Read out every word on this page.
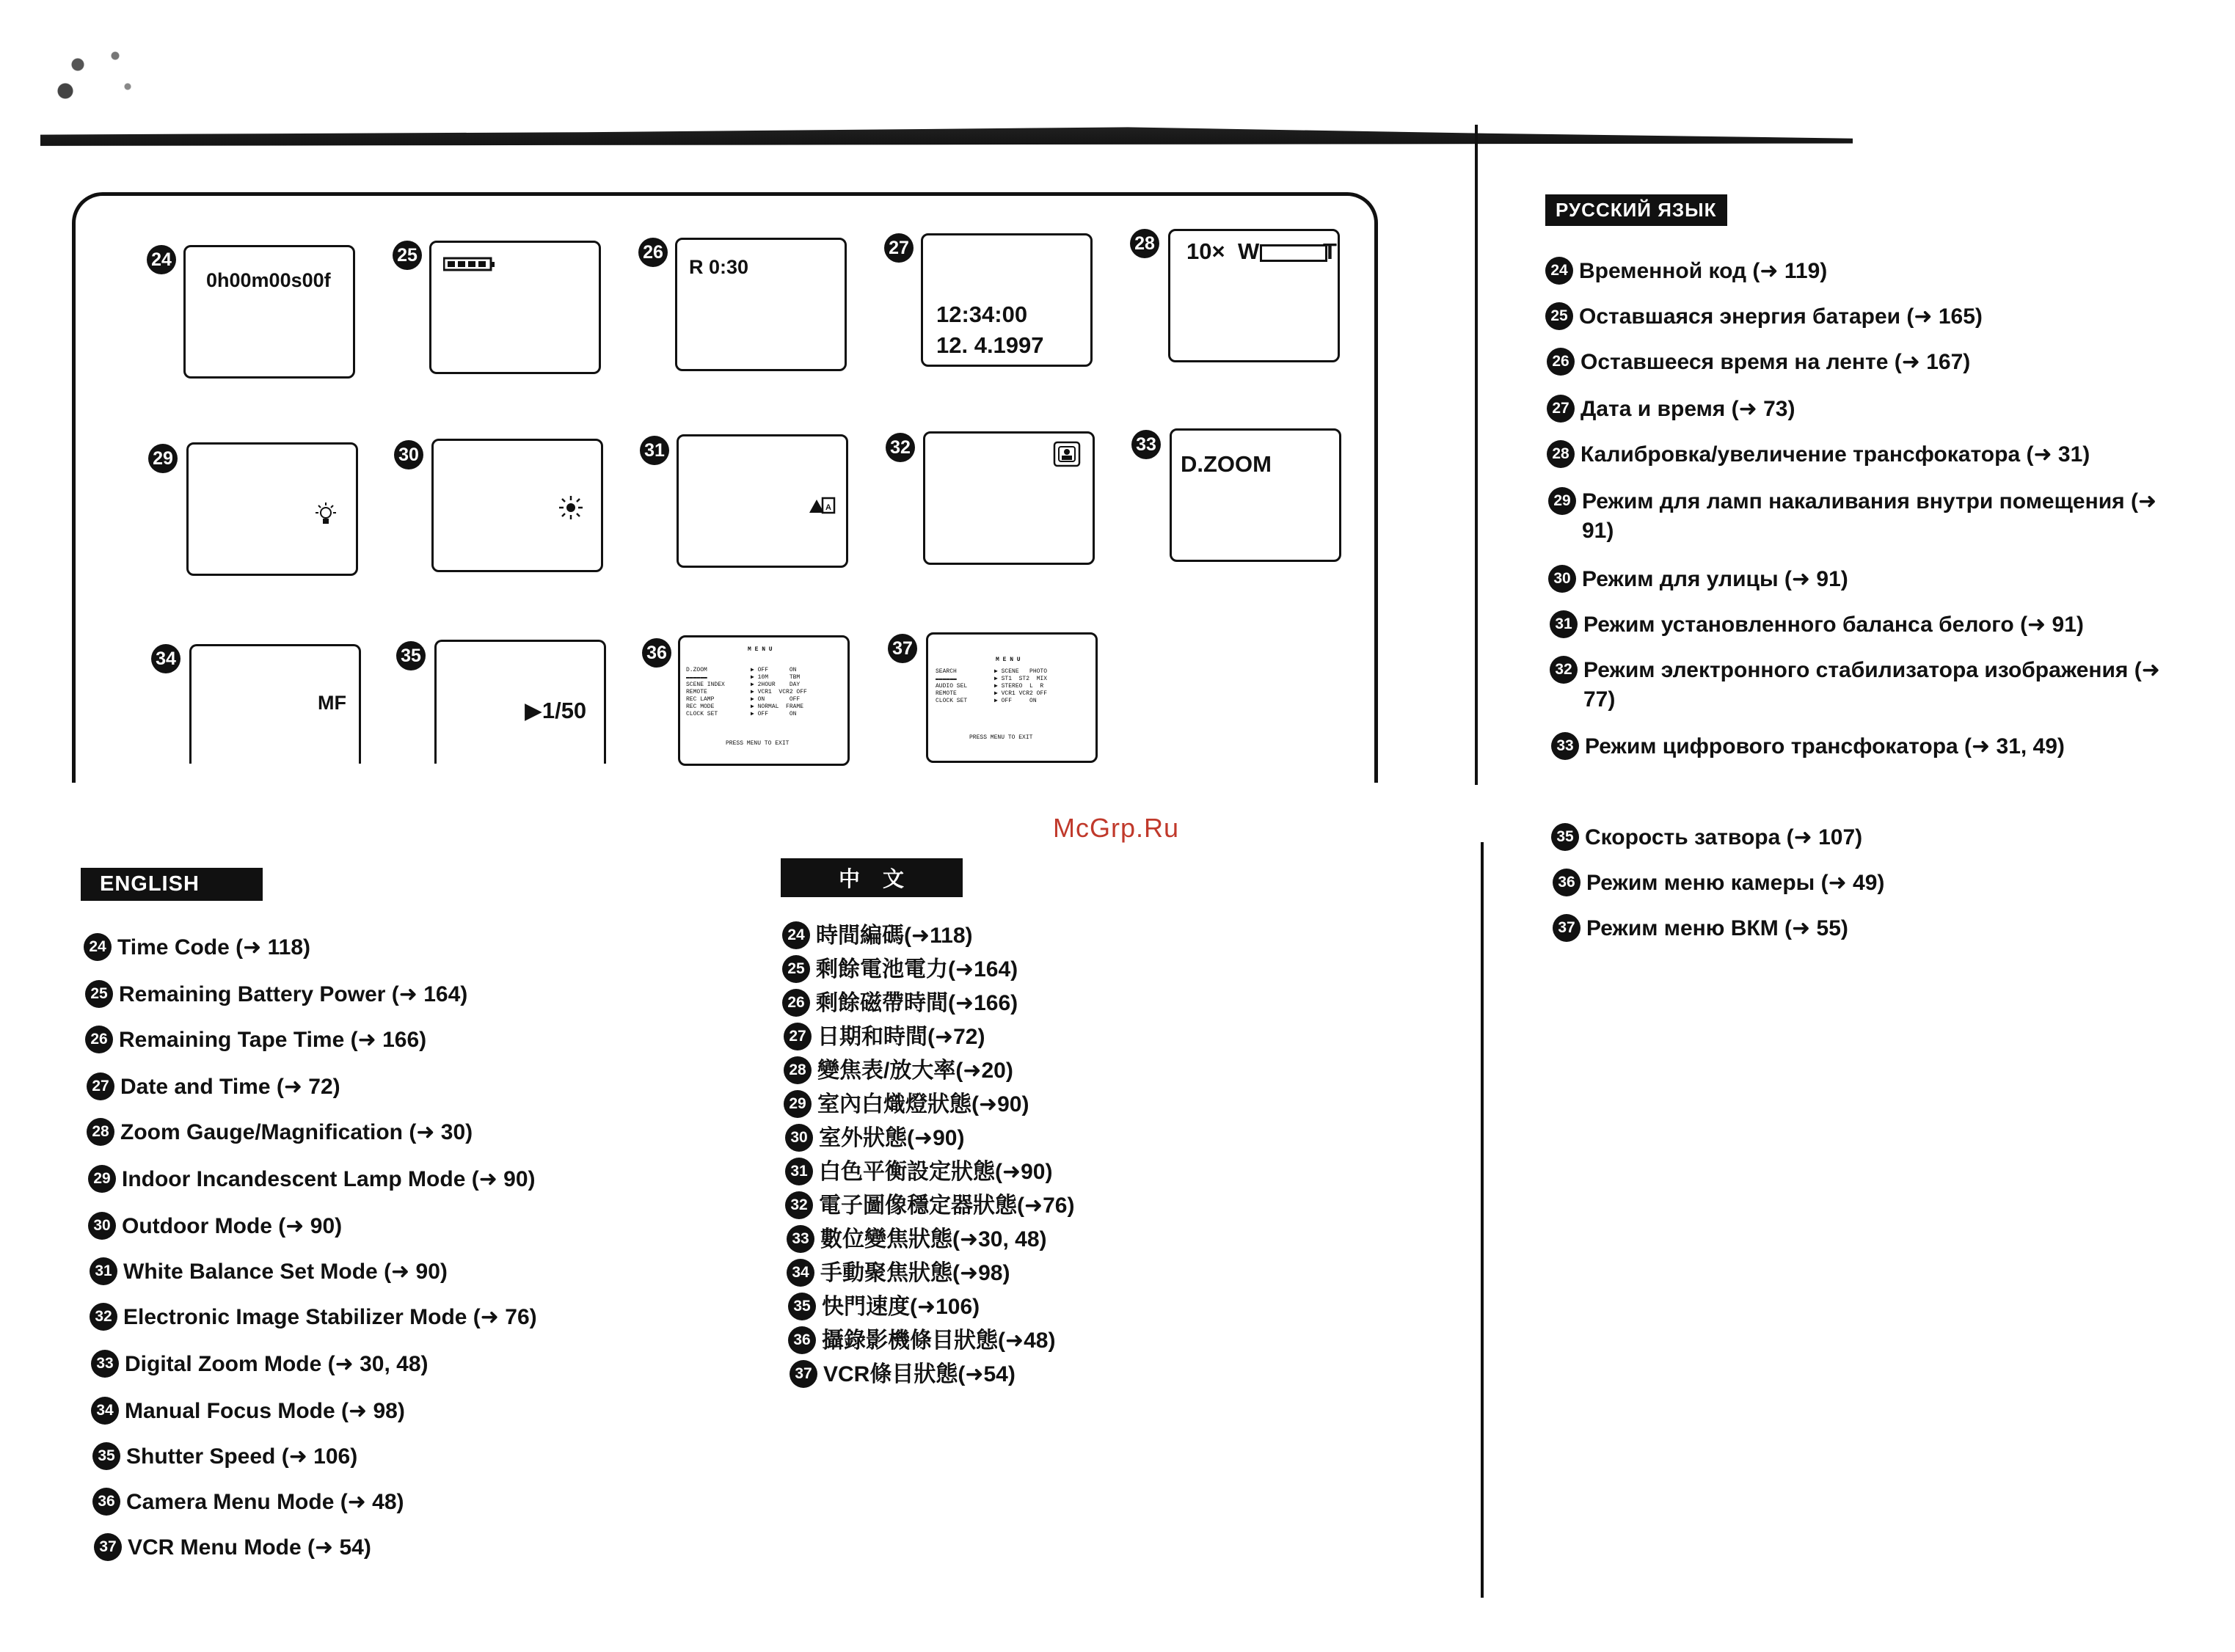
24
0h00m00s00f
25	26
R 0:30
27
12:34:00
12. 4.1997
28 10× W	T
29	30	31
A
32	33
D.ZOOM
34
MF
35
▶1/50
36	M E N U
D.ZOOM
▬▬▬▬▬▬
SCENE INDEX
REMOTE
REC LAMP
REC MODE
CLOCK SET
▶ OFF      ON
▶ 10M      TBM
▶ 2HOUR    DAY
▶ VCR1  VCR2 OFF
▶ ON       OFF
▶ NORMAL  FRAME
▶ OFF      ON
PRESS MENU TO EXIT
37
M E N U
SEARCH
▬▬▬▬▬▬
AUDIO SEL
REMOTE
CLOCK SET
▶ SCENE   PHOTO
▶ ST1  ST2  MIX
▶ STEREO  L  R
▶ VCR1 VCR2 OFF
▶ OFF     ON
PRESS MENU TO EXIT
McGrp.Ru
ENGLISH
24 Time Code (➜ 118)
25 Remaining Battery Power (➜ 164)
26 Remaining Tape Time (➜ 166)
27 Date and Time (➜ 72)
28 Zoom Gauge/Magnification (➜ 30)
29 Indoor Incandescent Lamp Mode (➜ 90)
30 Outdoor Mode (➜ 90)
31 White Balance Set Mode (➜ 90)
32 Electronic Image Stabilizer Mode (➜ 76)
33 Digital Zoom Mode (➜ 30, 48)
34 Manual Focus Mode (➜ 98)
35 Shutter Speed (➜ 106)
36 Camera Menu Mode (➜ 48)
37 VCR Menu Mode (➜ 54)
中　文
24 時間編碼(➜118)
25 剩餘電池電力(➜164)
26 剩餘磁帶時間(➜166)
27 日期和時間(➜72)
28 變焦表/放大率(➜20)
29 室內白熾燈狀態(➜90)
30 室外狀態(➜90)
31 白色平衡設定狀態(➜90)
32 電子圖像穩定器狀態(➜76)
33 數位變焦狀態(➜30, 48)
34 手動聚焦狀態(➜98)
35 快門速度(➜106)
36 攝錄影機條目狀態(➜48)
37 VCR條目狀態(➜54)
РУССКИЙ ЯЗЫК
24 Временной код (➜ 119)
25 Оставшаяся энергия батареи (➜ 165)
26 Оставшееся время на ленте (➜ 167)
27 Дата и время (➜ 73)
28 Калибровка/увеличение трансфокатора (➜ 31)
29 Режим для ламп накаливания внутри помещения (➜ 91)
30 Режим для улицы (➜ 91)
31 Режим установленного баланса белого (➜ 91)
32 Режим электронного стабилизатора изображения (➜ 77)
33 Режим цифрового трансфокатора (➜ 31, 49)
35 Скорость затвора (➜ 107)
36 Режим меню камеры (➜ 49)
37 Режим меню ВКМ (➜ 55)
